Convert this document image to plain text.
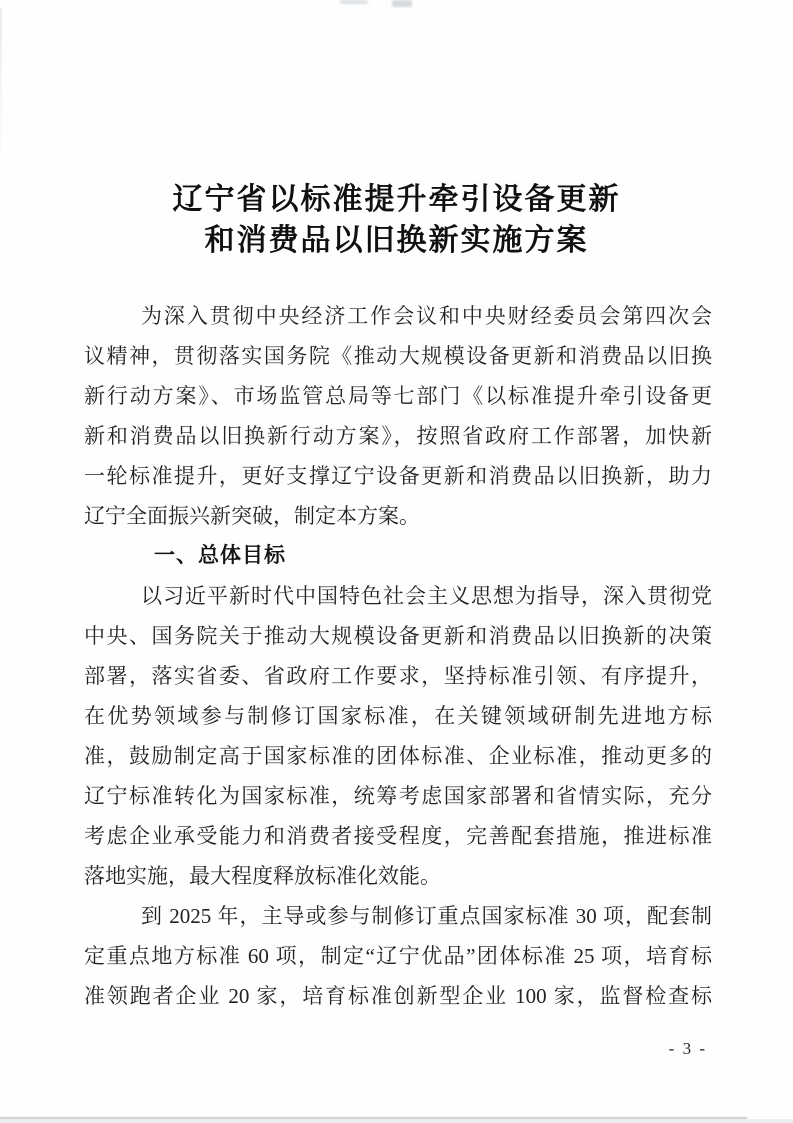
辽宁省以标准提升牵引设备更新
和消费品以旧换新实施方案
为深入贯彻中央经济工作会议和中央财经委员会第四次会
议精神，贯彻落实国务院《推动大规模设备更新和消费品以旧换
新行动方案》、市场监管总局等七部门《以标准提升牵引设备更
新和消费品以旧换新行动方案》，按照省政府工作部署，加快新
一轮标准提升，更好支撑辽宁设备更新和消费品以旧换新，助力
辽宁全面振兴新突破，制定本方案。
一、总体目标
以习近平新时代中国特色社会主义思想为指导，深入贯彻党
中央、国务院关于推动大规模设备更新和消费品以旧换新的决策
部署，落实省委、省政府工作要求，坚持标准引领、有序提升，
在优势领域参与制修订国家标准，在关键领域研制先进地方标
准，鼓励制定高于国家标准的团体标准、企业标准，推动更多的
辽宁标准转化为国家标准，统筹考虑国家部署和省情实际，充分
考虑企业承受能力和消费者接受程度，完善配套措施，推进标准
落地实施，最大程度释放标准化效能。
到 2025 年，主导或参与制修订重点国家标准 30 项，配套制
定重点地方标准 60 项，制定“辽宁优品”团体标准 25 项，培育标
准领跑者企业 20 家，培育标准创新型企业 100 家，监督检查标
- 3 -
